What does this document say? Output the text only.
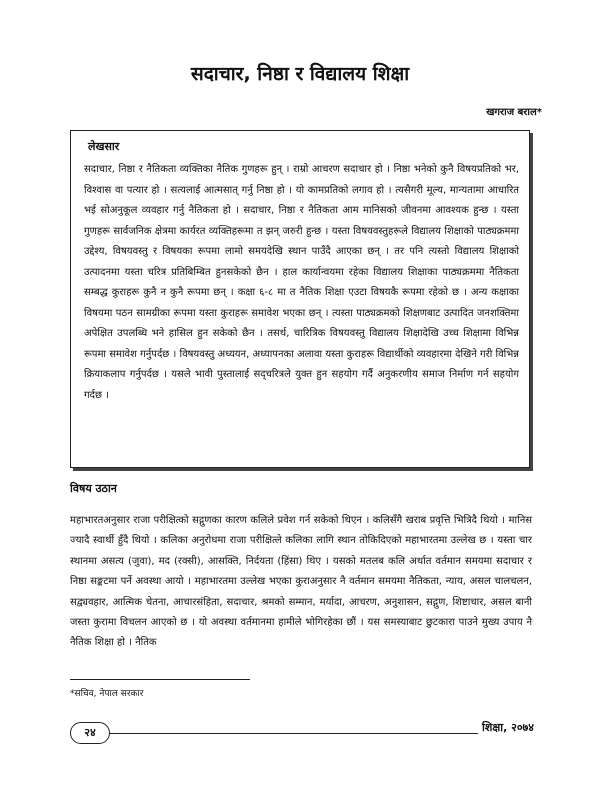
सदाचार, निष्ठा र विद्यालय शिक्षा
खगराज बराल*
लेखसार

सदाचार, निष्ठा र नैतिकता व्यक्तिका नैतिक गुणहरू हुन् । राम्रो आचरण सदाचार हो । निष्ठा भनेको कुनै विषयप्रतिको भर, विश्वास वा पत्यार हो । सत्यलाई आत्मसात् गर्नु निष्ठा हो । यो कामप्रतिको लगाव हो । त्यसैगरी मूल्य, मान्यतामा आधारित भई सोअनुकूल व्यवहार गर्नु नैतिकता हो । सदाचार, निष्ठा र नैतिकता आम मानिसको जीवनमा आवश्यक हुन्छ । यस्ता गुणहरू सार्वजनिक क्षेत्रमा कार्यरत व्यक्तिहरूमा त झन् जरुरी हुन्छ । यस्ता विषयवस्तुहरूले विद्यालय शिक्षाको पाठ्यक्रममा उद्देश्य, विषयवस्तु र विषयका रूपमा लामो समयदेखि स्थान पाउँदै आएका छन् । तर पनि त्यस्तो विद्यालय शिक्षाको उत्पादनमा यस्ता चरित्र प्रतिबिम्बित हुनसकेको छैन । हाल कार्यान्वयमा रहेका विद्यालय शिक्षाका पाठ्यक्रममा नैतिकता सम्बद्ध कुराहरू कुनै न कुनै रूपमा छन् । कक्षा ६-८ मा त नैतिक शिक्षा एउटा विषयकै रूपमा रहेको छ । अन्य कक्षाका विषयमा पठन सामग्रीका रूपमा यस्ता कुराहरू समावेश भएका छन् । त्यस्ता पाठ्यक्रमको शिक्षणबाट उत्पादित जनशक्तिमा अपेक्षित उपलब्धि भने हासिल हुन सकेको छैन । तसर्थ, चारित्रिक विषयवस्तु विद्यालय शिक्षादेखि उच्च शिक्षामा विभिन्न रूपमा समावेश गर्नुपर्दछ । विषयवस्तु अध्ययन, अध्यापनका अलावा यस्ता कुराहरू विद्यार्थीको व्यवहारमा देखिने गरी विभिन्न क्रियाकलाप गर्नुपर्दछ । यसले भावी पुस्तालाई सद्चरित्रले युक्त हुन सहयोग गर्दै अनुकरणीय समाज निर्माण गर्न सहयोग गर्दछ ।

विषय उठान

महाभारतअनुसार राजा परीक्षित्को सद्गुणका कारण कलिले प्रवेश गर्न सकेको थिएन । कलिसँगै खराब प्रवृत्ति भित्रिदै थियो । मानिस ज्यादै स्वार्थी हुँदै थियो । कलिका अनुरोधमा राजा परीक्षित्ले कलिका लागि स्थान तोकिदिएको महाभारतमा उल्लेख छ । यस्ता चार स्थानमा असत्य (जुवा), मद (रक्सी), आसक्ति, निर्दयता (हिंसा) थिए । यसको मतलब कलि अर्थात वर्तमान समयमा सदाचार र निष्ठा सङ्कटमा पर्ने अवस्था आयो । महाभारतमा उल्लेख भएका कुराअनुसार नै वर्तमान समयमा नैतिकता, न्याय, असल चालचलन, सद्व्यवहार, आत्मिक चेतना, आचारसंहिता, सदाचार, श्रमको सम्मान, मर्यादा, आचरण, अनुशासन, सद्गुण, शिष्टाचार, असल बानी जस्ता कुरामा विचलन आएको छ । यो अवस्था वर्तमानमा हामीले भोगिरहेका छौं । यस समस्याबाट छुटकारा पाउने मुख्य उपाय नै नैतिक शिक्षा हो । नैतिक

*सचिव, नेपाल सरकार
२४	शिक्षा, २०७४
